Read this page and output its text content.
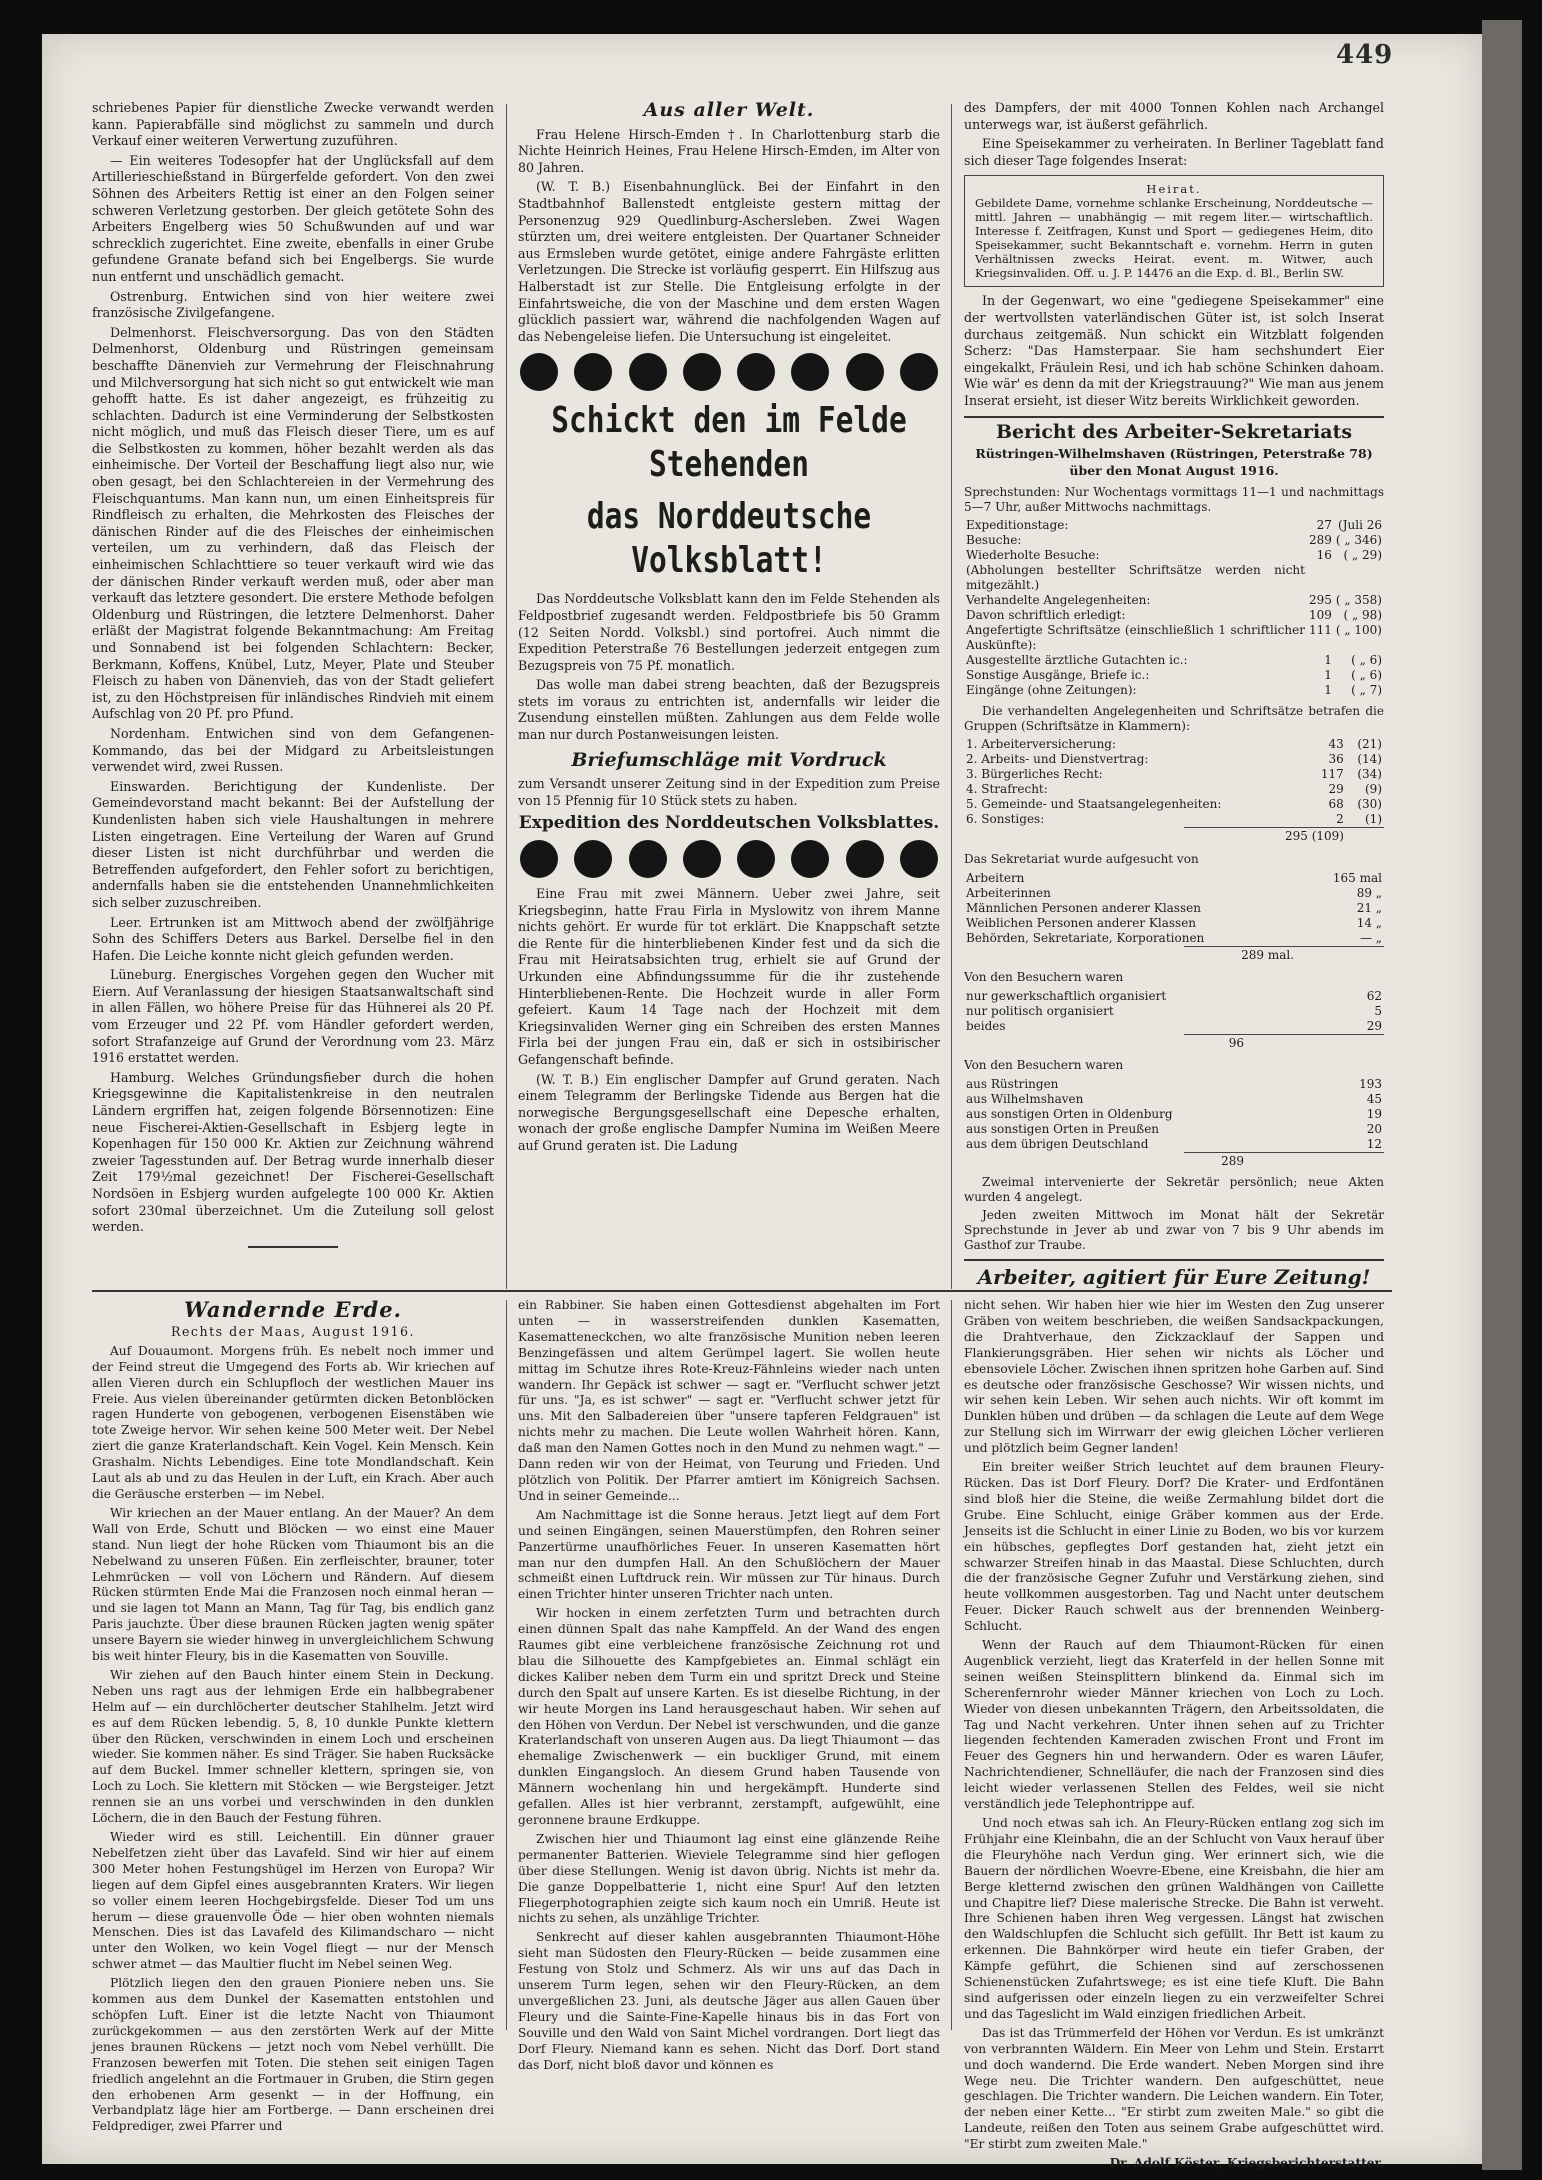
449

schriebenes Papier für dienstliche Zwecke verwandt werden kann. Papierabfälle sind möglichst zu sammeln und durch Verkauf einer weiteren Verwertung zuzuführen.

— Ein weiteres Todesopfer hat der Unglücksfall auf dem Artillerieschießstand in Bürgerfelde gefordert. Von den zwei Söhnen des Arbeiters Rettig ist einer an den Folgen seiner schweren Verletzung gestorben. Der gleich getötete Sohn des Arbeiters Engelberg wies 50 Schußwunden auf und war schrecklich zugerichtet. Eine zweite, ebenfalls in einer Grube gefundene Granate befand sich bei Engelbergs. Sie wurde nun entfernt und unschädlich gemacht.

Ostrenburg. Entwichen sind von hier weitere zwei französische Zivilgefangene.

Delmenhorst. Fleischversorgung. Das von den Städten Delmenhorst, Oldenburg und Rüstringen gemeinsam beschaffte Dänenvieh zur Vermehrung der Fleischnahrung und Milchversorgung hat sich nicht so gut entwickelt wie man gehofft hatte. Es ist daher angezeigt, es frühzeitig zu schlachten. Dadurch ist eine Verminderung der Selbstkosten nicht möglich, und muß das Fleisch dieser Tiere, um es auf die Selbstkosten zu kommen, höher bezahlt werden als das einheimische. Der Vorteil der Beschaffung liegt also nur, wie oben gesagt, bei den Schlachtereien in der Vermehrung des Fleischquantums. Man kann nun, um einen Einheitspreis für Rindfleisch zu erhalten, die Mehrkosten des Fleisches der dänischen Rinder auf die des Fleisches der einheimischen verteilen, um zu verhindern, daß das Fleisch der einheimischen Schlachttiere so teuer verkauft wird wie das der dänischen Rinder verkauft werden muß, oder aber man verkauft das letztere gesondert. Die erstere Methode befolgen Oldenburg und Rüstringen, die letztere Delmenhorst. Daher erläßt der Magistrat folgende Bekanntmachung: Am Freitag und Sonnabend ist bei folgenden Schlachtern: Becker, Berkmann, Koffens, Knübel, Lutz, Meyer, Plate und Steuber Fleisch zu haben von Dänenvieh, das von der Stadt geliefert ist, zu den Höchstpreisen für inländisches Rindvieh mit einem Aufschlag von 20 Pf. pro Pfund.

Nordenham. Entwichen sind von dem Gefangenen-Kommando, das bei der Midgard zu Arbeitsleistungen verwendet wird, zwei Russen.

Einswarden. Berichtigung der Kundenliste. Der Gemeindevorstand macht bekannt: Bei der Aufstellung der Kundenlisten haben sich viele Haushaltungen in mehrere Listen eingetragen. Eine Verteilung der Waren auf Grund dieser Listen ist nicht durchführbar und werden die Betreffenden aufgefordert, den Fehler sofort zu berichtigen, andernfalls haben sie die entstehenden Unannehmlichkeiten sich selber zuzuschreiben.

Leer. Ertrunken ist am Mittwoch abend der zwölfjährige Sohn des Schiffers Deters aus Barkel. Derselbe fiel in den Hafen. Die Leiche konnte nicht gleich gefunden werden.

Lüneburg. Energisches Vorgehen gegen den Wucher mit Eiern. Auf Veranlassung der hiesigen Staatsanwaltschaft sind in allen Fällen, wo höhere Preise für das Hühnerei als 20 Pf. vom Erzeuger und 22 Pf. vom Händler gefordert werden, sofort Strafanzeige auf Grund der Verordnung vom 23. März 1916 erstattet werden.

Hamburg. Welches Gründungsfieber durch die hohen Kriegsgewinne die Kapitalistenkreise in den neutralen Ländern ergriffen hat, zeigen folgende Börsennotizen: Eine neue Fischerei-Aktien-Gesellschaft in Esbjerg legte in Kopenhagen für 150 000 Kr. Aktien zur Zeichnung während zweier Tagesstunden auf. Der Betrag wurde innerhalb dieser Zeit 179½mal gezeichnet! Der Fischerei-Gesellschaft Nordsöen in Esbjerg wurden aufgelegte 100 000 Kr. Aktien sofort 230mal überzeichnet. Um die Zuteilung soll gelost werden.

Aus aller Welt.

Frau Helene Hirsch-Emden †. In Charlottenburg starb die Nichte Heinrich Heines, Frau Helene Hirsch-Emden, im Alter von 80 Jahren.

(W. T. B.) Eisenbahnunglück. Bei der Einfahrt in den Stadtbahnhof Ballenstedt entgleiste gestern mittag der Personenzug 929 Quedlinburg-Aschersleben. Zwei Wagen stürzten um, drei weitere entgleisten. Der Quartaner Schneider aus Ermsleben wurde getötet, einige andere Fahrgäste erlitten Verletzungen. Die Strecke ist vorläufig gesperrt. Ein Hilfszug aus Halberstadt ist zur Stelle. Die Entgleisung erfolgte in der Einfahrtsweiche, die von der Maschine und dem ersten Wagen glücklich passiert war, während die nachfolgenden Wagen auf das Nebengeleise liefen. Die Untersuchung ist eingeleitet.

Schickt den im Felde Stehenden
das Norddeutsche Volksblatt!

Das Norddeutsche Volksblatt kann den im Felde Stehenden als Feldpostbrief zugesandt werden. Feldpostbriefe bis 50 Gramm (12 Seiten Nordd. Volksbl.) sind portofrei. Auch nimmt die Expedition Peterstraße 76 Bestellungen jederzeit entgegen zum Bezugspreis von 75 Pf. monatlich.

Das wolle man dabei streng beachten, daß der Bezugspreis stets im voraus zu entrichten ist, andernfalls wir leider die Zusendung einstellen müßten. Zahlungen aus dem Felde wolle man nur durch Postanweisungen leisten.

Briefumschläge mit Vordruck

zum Versandt unserer Zeitung sind in der Expedition zum Preise von 15 Pfennig für 10 Stück stets zu haben.

Expedition des Norddeutschen Volksblattes.

Eine Frau mit zwei Männern. Ueber zwei Jahre, seit Kriegsbeginn, hatte Frau Firla in Myslowitz von ihrem Manne nichts gehört. Er wurde für tot erklärt. Die Knappschaft setzte die Rente für die hinterbliebenen Kinder fest und da sich die Frau mit Heiratsabsichten trug, erhielt sie auf Grund der Urkunden eine Abfindungssumme für die ihr zustehende Hinterbliebenen-Rente. Die Hochzeit wurde in aller Form gefeiert. Kaum 14 Tage nach der Hochzeit mit dem Kriegsinvaliden Werner ging ein Schreiben des ersten Mannes Firla bei der jungen Frau ein, daß er sich in ostsibirischer Gefangenschaft befinde.

(W. T. B.) Ein englischer Dampfer auf Grund geraten. Nach einem Telegramm der Berlingske Tidende aus Bergen hat die norwegische Bergungsgesellschaft eine Depesche erhalten, wonach der große englische Dampfer Numina im Weißen Meere auf Grund geraten ist. Die Ladung

des Dampfers, der mit 4000 Tonnen Kohlen nach Archangel unterwegs war, ist äußerst gefährlich.

Eine Speisekammer zu verheiraten. In Berliner Tageblatt fand sich dieser Tage folgendes Inserat:

Heirat.
Gebildete Dame, vornehme schlanke Erscheinung, Norddeutsche — mittl. Jahren — unabhängig — mit regem liter.— wirtschaftlich. Interesse f. Zeitfragen, Kunst und Sport — gediegenes Heim, dito Speisekammer, sucht Bekanntschaft e. vornehm. Herrn in guten Verhältnissen zwecks Heirat. event. m. Witwer, auch Kriegsinvaliden. Off. u. J. P. 14476 an die Exp. d. Bl., Berlin SW.

In der Gegenwart, wo eine "gediegene Speisekammer" eine der wertvollsten vaterländischen Güter ist, ist solch Inserat durchaus zeitgemäß. Nun schickt ein Witzblatt folgenden Scherz: "Das Hamsterpaar. Sie ham sechshundert Eier eingekalkt, Fräulein Resi, und ich hab schöne Schinken dahoam. Wie wär' es denn da mit der Kriegstrauung?" Wie man aus jenem Inserat ersieht, ist dieser Witz bereits Wirklichkeit geworden.

Bericht des Arbeiter-Sekretariats
Rüstringen-Wilhelmshaven (Rüstringen, Peterstraße 78) über den Monat August 1916.

Sprechstunden: Nur Wochentags vormittags 11—1 und nachmittags 5—7 Uhr, außer Mittwochs nachmittags.

Expeditionstage:	27	(Juli 26
Besuche:	289	( „ 346)
Wiederholte Besuche:	16	( „ 29)
(Abholungen bestellter Schriftsätze werden nicht mitgezählt.)		
Verhandelte Angelegenheiten:	295	( „ 358)
Davon schriftlich erledigt:	109	( „ 98)
Angefertigte Schriftsätze (einschließlich 1 schriftlicher Auskünfte):	111	( „ 100)
Ausgestellte ärztliche Gutachten ic.:	1	( „ 6)
Sonstige Ausgänge, Briefe ic.:	1	( „ 6)
Eingänge (ohne Zeitungen):	1	( „ 7)

Die verhandelten Angelegenheiten und Schriftsätze betrafen die Gruppen (Schriftsätze in Klammern):

1. Arbeiterversicherung:	43	(21)
2. Arbeits- und Dienstvertrag:	36	(14)
3. Bürgerliches Recht:	117	(34)
4. Strafrecht:	29	(9)
5. Gemeinde- und Staatsangelegenheiten:	68	(30)
6. Sonstiges:	2	(1)
295 (109)

Das Sekretariat wurde aufgesucht von

Arbeitern	165 mal
Arbeiterinnen	89 „
Männlichen Personen anderer Klassen	21 „
Weiblichen Personen anderer Klassen	14 „
Behörden, Sekretariate, Korporationen	— „
289 mal.

Von den Besuchern waren

nur gewerkschaftlich organisiert	62
nur politisch organisiert	5
beides	29
96

Von den Besuchern waren

aus Rüstringen	193
aus Wilhelmshaven	45
aus sonstigen Orten in Oldenburg	19
aus sonstigen Orten in Preußen	20
aus dem übrigen Deutschland	12
289

Zweimal intervenierte der Sekretär persönlich; neue Akten wurden 4 angelegt.

Jeden zweiten Mittwoch im Monat hält der Sekretär Sprechstunde in Jever ab und zwar von 7 bis 9 Uhr abends im Gasthof zur Traube.

Arbeiter, agitiert für Eure Zeitung!
Wandernde Erde.
Rechts der Maas, August 1916.

Auf Douaumont. Morgens früh. Es nebelt noch immer und der Feind streut die Umgegend des Forts ab. Wir kriechen auf allen Vieren durch ein Schlupfloch der westlichen Mauer ins Freie. Aus vielen übereinander getürmten dicken Betonblöcken ragen Hunderte von gebogenen, verbogenen Eisenstäben wie tote Zweige hervor. Wir sehen keine 500 Meter weit. Der Nebel ziert die ganze Kraterlandschaft. Kein Vogel. Kein Mensch. Kein Grashalm. Nichts Lebendiges. Eine tote Mondlandschaft. Kein Laut als ab und zu das Heulen in der Luft, ein Krach. Aber auch die Geräusche ersterben — im Nebel.

Wir kriechen an der Mauer entlang. An der Mauer? An dem Wall von Erde, Schutt und Blöcken — wo einst eine Mauer stand. Nun liegt der hohe Rücken vom Thiaumont bis an die Nebelwand zu unseren Füßen. Ein zerfleischter, brauner, toter Lehmrücken — voll von Löchern und Rändern. Auf diesem Rücken stürmten Ende Mai die Franzosen noch einmal heran — und sie lagen tot Mann an Mann, Tag für Tag, bis endlich ganz Paris jauchzte. Über diese braunen Rücken jagten wenig später unsere Bayern sie wieder hinweg in unvergleichlichem Schwung bis weit hinter Fleury, bis in die Kasematten von Souville.

Wir ziehen auf den Bauch hinter einem Stein in Deckung. Neben uns ragt aus der lehmigen Erde ein halbbegrabener Helm auf — ein durchlöcherter deutscher Stahlhelm. Jetzt wird es auf dem Rücken lebendig. 5, 8, 10 dunkle Punkte klettern über den Rücken, verschwinden in einem Loch und erscheinen wieder. Sie kommen näher. Es sind Träger. Sie haben Rucksäcke auf dem Buckel. Immer schneller klettern, springen sie, von Loch zu Loch. Sie klettern mit Stöcken — wie Bergsteiger. Jetzt rennen sie an uns vorbei und verschwinden in den dunklen Löchern, die in den Bauch der Festung führen.

Wieder wird es still. Leichentill. Ein dünner grauer Nebelfetzen zieht über das Lavafeld. Sind wir hier auf einem 300 Meter hohen Festungshügel im Herzen von Europa? Wir liegen auf dem Gipfel eines ausgebrannten Kraters. Wir liegen so voller einem leeren Hochgebirgsfelde. Dieser Tod um uns herum — diese grauenvolle Öde — hier oben wohnten niemals Menschen. Dies ist das Lavafeld des Kilimandscharo — nicht unter den Wolken, wo kein Vogel fliegt — nur der Mensch schwer atmet — das Maultier flucht im Nebel seinen Weg.

Plötzlich liegen den den grauen Pioniere neben uns. Sie kommen aus dem Dunkel der Kasematten entstohlen und schöpfen Luft. Einer ist die letzte Nacht von Thiaumont zurückgekommen — aus den zerstörten Werk auf der Mitte jenes braunen Rückens — jetzt noch vom Nebel verhüllt. Die Franzosen bewerfen mit Toten. Die stehen seit einigen Tagen friedlich angelehnt an die Fortmauer in Gruben, die Stirn gegen den erhobenen Arm gesenkt — in der Hoffnung, ein Verbandplatz läge hier am Fortberge. — Dann erscheinen drei Feldprediger, zwei Pfarrer und

ein Rabbiner. Sie haben einen Gottesdienst abgehalten im Fort unten — in wasserstreifenden dunklen Kasematten, Kasematteneckchen, wo alte französische Munition neben leeren Benzingefässen und altem Gerümpel lagert. Sie wollen heute mittag im Schutze ihres Rote-Kreuz-Fähnleins wieder nach unten wandern. Ihr Gepäck ist schwer — sagt er. "Verflucht schwer jetzt für uns. "Ja, es ist schwer" — sagt er. "Verflucht schwer jetzt für uns. Mit den Salbadereien über "unsere tapferen Feldgrauen" ist nichts mehr zu machen. Die Leute wollen Wahrheit hören. Kann, daß man den Namen Gottes noch in den Mund zu nehmen wagt." — Dann reden wir von der Heimat, von Teurung und Frieden. Und plötzlich von Politik. Der Pfarrer amtiert im Königreich Sachsen. Und in seiner Gemeinde...

Am Nachmittage ist die Sonne heraus. Jetzt liegt auf dem Fort und seinen Eingängen, seinen Mauerstümpfen, den Rohren seiner Panzertürme unaufhörliches Feuer. In unseren Kasematten hört man nur den dumpfen Hall. An den Schußlöchern der Mauer schmeißt einen Luftdruck rein. Wir müssen zur Tür hinaus. Durch einen Trichter hinter unseren Trichter nach unten.

Wir hocken in einem zerfetzten Turm und betrachten durch einen dünnen Spalt das nahe Kampffeld. An der Wand des engen Raumes gibt eine verbleichene französische Zeichnung rot und blau die Silhouette des Kampfgebietes an. Einmal schlägt ein dickes Kaliber neben dem Turm ein und spritzt Dreck und Steine durch den Spalt auf unsere Karten. Es ist dieselbe Richtung, in der wir heute Morgen ins Land herausgeschaut haben. Wir sehen auf den Höhen von Verdun. Der Nebel ist verschwunden, und die ganze Kraterlandschaft von unseren Augen aus. Da liegt Thiaumont — das ehemalige Zwischenwerk — ein buckliger Grund, mit einem dunklen Eingangsloch. An diesem Grund haben Tausende von Männern wochenlang hin und hergekämpft. Hunderte sind gefallen. Alles ist hier verbrannt, zerstampft, aufgewühlt, eine geronnene braune Erdkuppe.

Zwischen hier und Thiaumont lag einst eine glänzende Reihe permanenter Batterien. Wieviele Telegramme sind hier geflogen über diese Stellungen. Wenig ist davon übrig. Nichts ist mehr da. Die ganze Doppelbatterie 1, nicht eine Spur! Auf den letzten Fliegerphotographien zeigte sich kaum noch ein Umriß. Heute ist nichts zu sehen, als unzählige Trichter.

Senkrecht auf dieser kahlen ausgebrannten Thiaumont-Höhe sieht man Südosten den Fleury-Rücken — beide zusammen eine Festung von Stolz und Schmerz. Als wir uns auf das Dach in unserem Turm legen, sehen wir den Fleury-Rücken, an dem unvergeßlichen 23. Juni, als deutsche Jäger aus allen Gauen über Fleury und die Sainte-Fine-Kapelle hinaus bis in das Fort von Souville und den Wald von Saint Michel vordrangen. Dort liegt das Dorf Fleury. Niemand kann es sehen. Nicht das Dorf. Dort stand das Dorf, nicht bloß davor und können es

nicht sehen. Wir haben hier wie hier im Westen den Zug unserer Gräben von weitem beschrieben, die weißen Sandsackpackungen, die Drahtverhaue, den Zickzacklauf der Sappen und Flankierungsgräben. Hier sehen wir nichts als Löcher und ebensoviele Löcher. Zwischen ihnen spritzen hohe Garben auf. Sind es deutsche oder französische Geschosse? Wir wissen nichts, und wir sehen kein Leben. Wir sehen auch nichts. Wir oft kommt im Dunklen hüben und drüben — da schlagen die Leute auf dem Wege zur Stellung sich im Wirrwarr der ewig gleichen Löcher verlieren und plötzlich beim Gegner landen!

Ein breiter weißer Strich leuchtet auf dem braunen Fleury-Rücken. Das ist Dorf Fleury. Dorf? Die Krater- und Erdfontänen sind bloß hier die Steine, die weiße Zermahlung bildet dort die Grube. Eine Schlucht, einige Gräber kommen aus der Erde. Jenseits ist die Schlucht in einer Linie zu Boden, wo bis vor kurzem ein hübsches, gepflegtes Dorf gestanden hat, zieht jetzt ein schwarzer Streifen hinab in das Maastal. Diese Schluchten, durch die der französische Gegner Zufuhr und Verstärkung ziehen, sind heute vollkommen ausgestorben. Tag und Nacht unter deutschem Feuer. Dicker Rauch schwelt aus der brennenden Weinberg-Schlucht.

Wenn der Rauch auf dem Thiaumont-Rücken für einen Augenblick verzieht, liegt das Kraterfeld in der hellen Sonne mit seinen weißen Steinsplittern blinkend da. Einmal sich im Scherenfernrohr wieder Männer kriechen von Loch zu Loch. Wieder von diesen unbekannten Trägern, den Arbeitssoldaten, die Tag und Nacht verkehren. Unter ihnen sehen auf zu Trichter liegenden fechtenden Kameraden zwischen Front und Front im Feuer des Gegners hin und herwandern. Oder es waren Läufer, Nachrichtendiener, Schnelläufer, die nach der Franzosen sind dies leicht wieder verlassenen Stellen des Feldes, weil sie nicht verständlich jede Telephontrippe auf.

Und noch etwas sah ich. An Fleury-Rücken entlang zog sich im Frühjahr eine Kleinbahn, die an der Schlucht von Vaux herauf über die Fleuryhöhe nach Verdun ging. Wer erinnert sich, wie die Bauern der nördlichen Woevre-Ebene, eine Kreisbahn, die hier am Berge kletternd zwischen den grünen Waldhängen von Caillette und Chapitre lief? Diese malerische Strecke. Die Bahn ist verweht. Ihre Schienen haben ihren Weg vergessen. Längst hat zwischen den Waldschlupfen die Schlucht sich gefüllt. Ihr Bett ist kaum zu erkennen. Die Bahnkörper wird heute ein tiefer Graben, der Kämpfe geführt, die Schienen sind auf zerschossenen Schienenstücken Zufahrtswege; es ist eine tiefe Kluft. Die Bahn sind aufgerissen oder einzeln liegen zu ein verzweifelter Schrei und das Tageslicht im Wald einzigen friedlichen Arbeit.

Das ist das Trümmerfeld der Höhen vor Verdun. Es ist umkränzt von verbrannten Wäldern. Ein Meer von Lehm und Stein. Erstarrt und doch wandernd. Die Erde wandert. Neben Morgen sind ihre Wege neu. Die Trichter wandern. Den aufgeschüttet, neue geschlagen. Die Trichter wandern. Die Leichen wandern. Ein Toter, der neben einer Kette... "Er stirbt zum zweiten Male." so gibt die Landeute, reißen den Toten aus seinem Grabe aufgeschüttet wird. "Er stirbt zum zweiten Male."

Dr. Adolf Köster, Kriegsberichterstatter.
